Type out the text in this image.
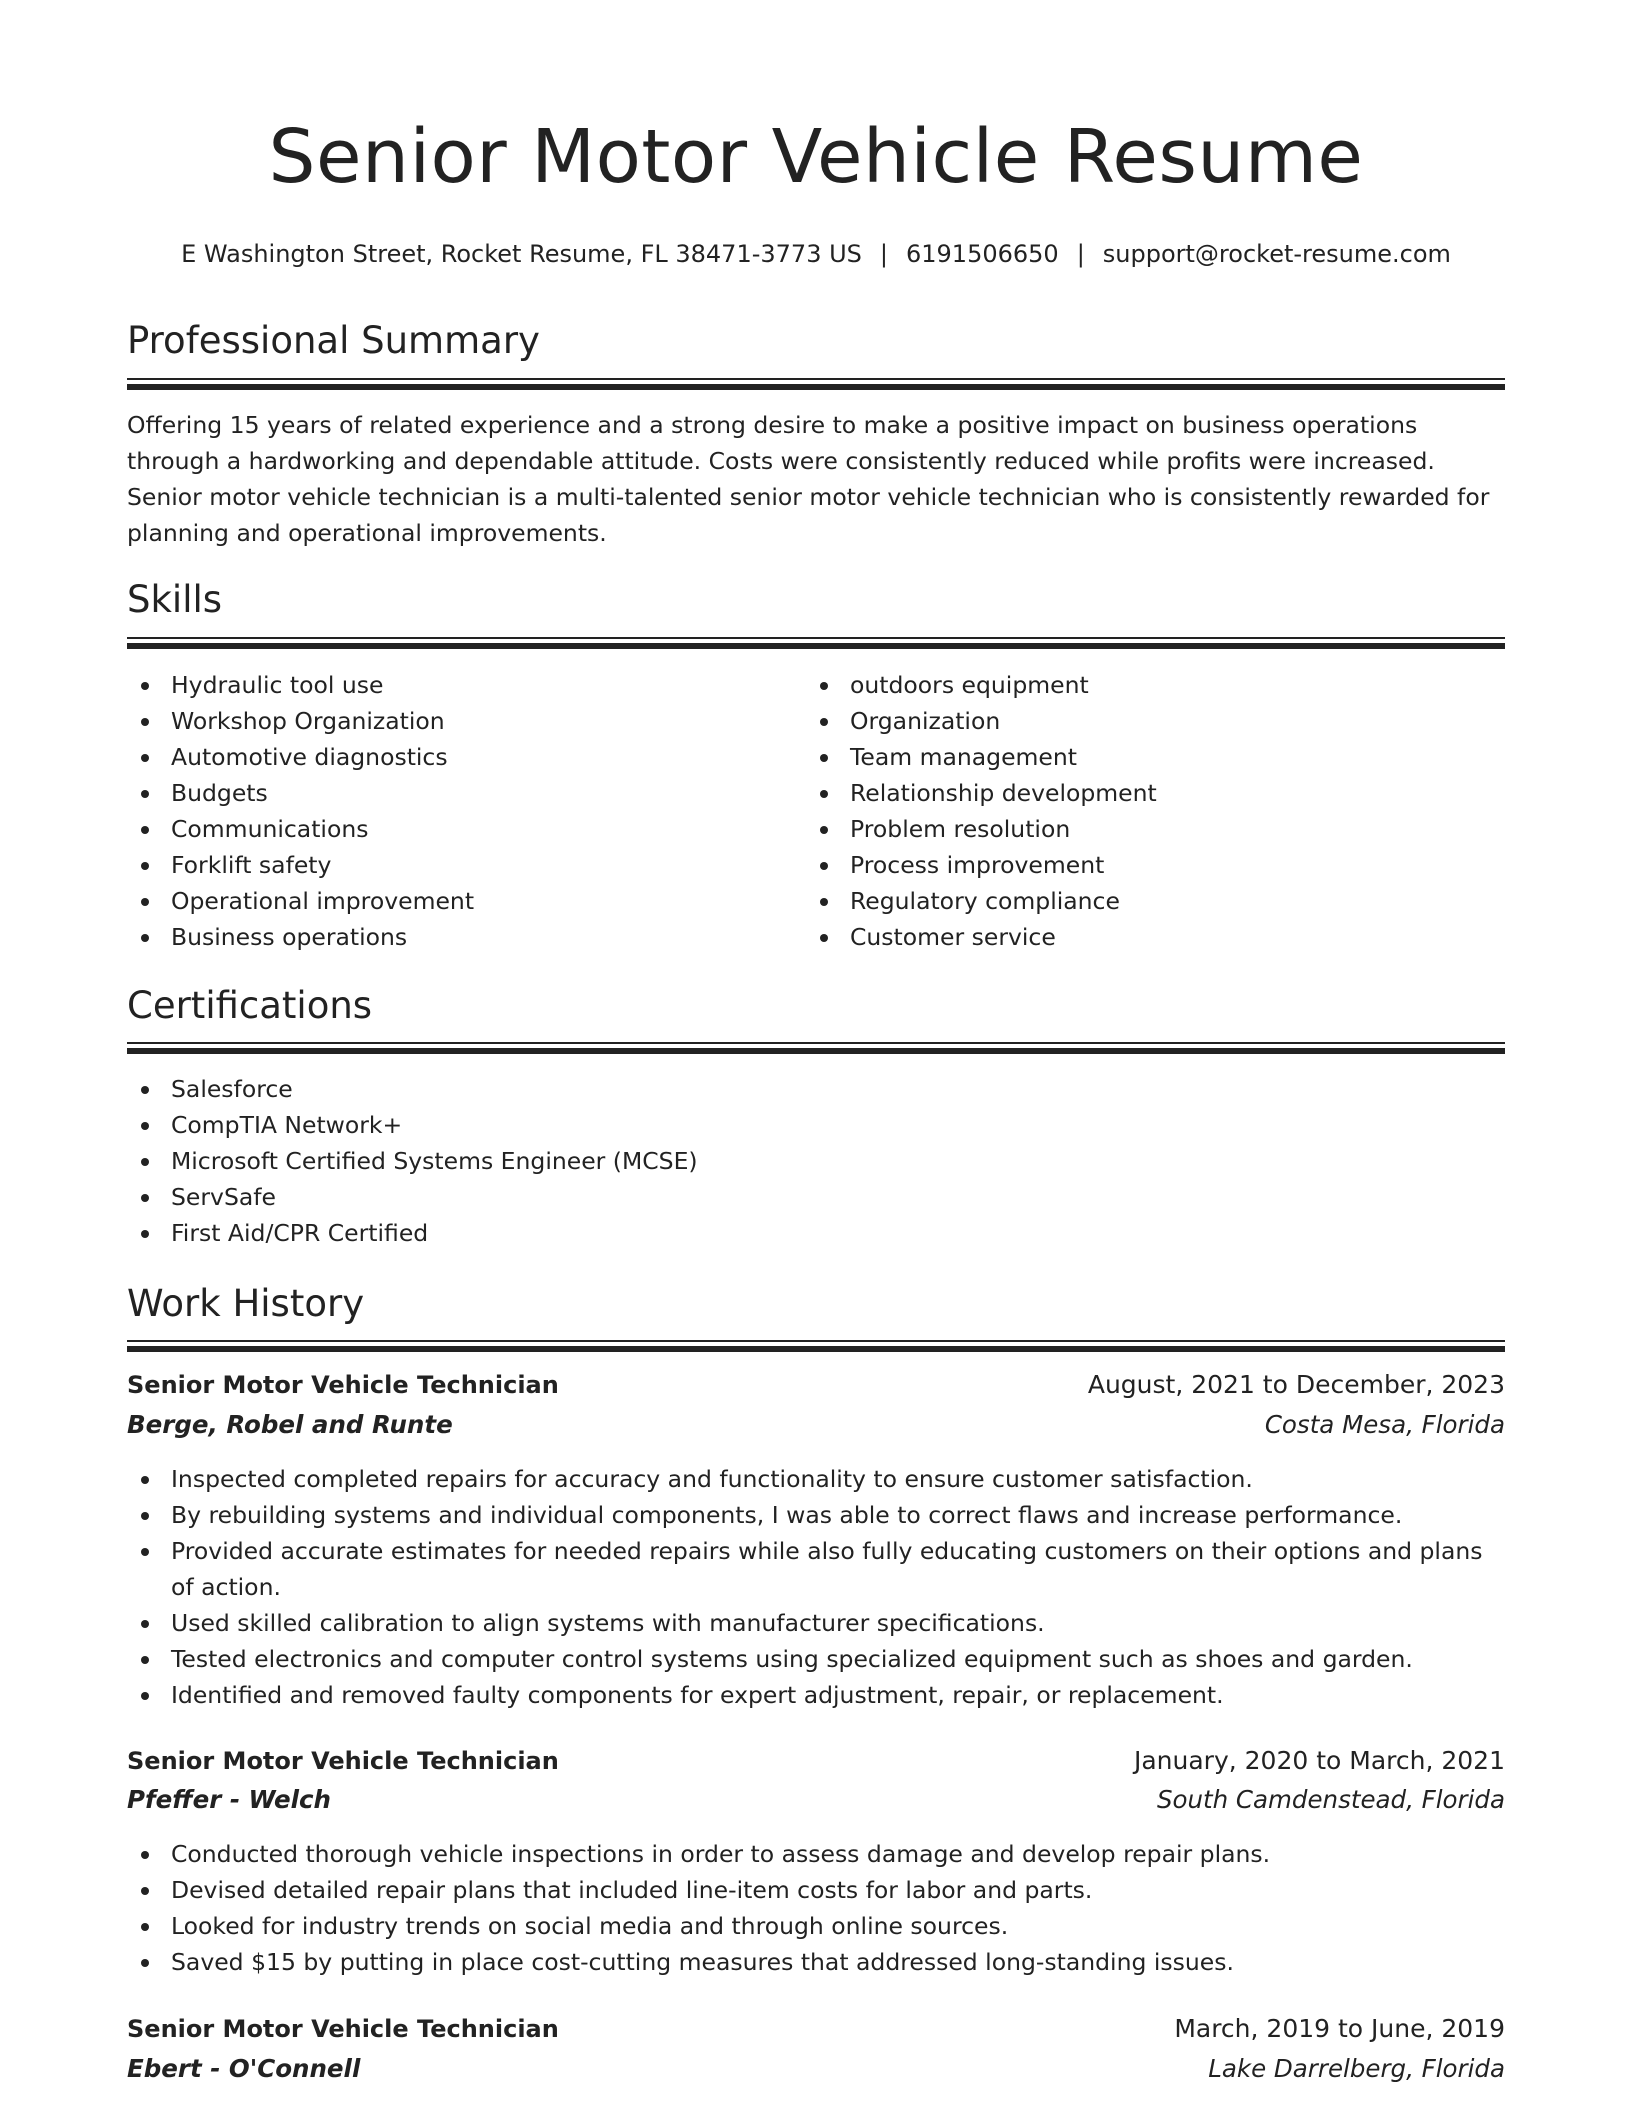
Senior Motor Vehicle Resume
E Washington Street, Rocket Resume, FL 38471-3773 US | 6191506650 | support@rocket-resume.com
Professional Summary

Offering 15 years of related experience and a strong desire to make a positive impact on business operations through a hardworking and dependable attitude. Costs were consistently reduced while profits were increased. Senior motor vehicle technician is a multi-talented senior motor vehicle technician who is consistently rewarded for planning and operational improvements.

Skills
Hydraulic tool use
Workshop Organization
Automotive diagnostics
Budgets
Communications
Forklift safety
Operational improvement
Business operations
outdoors equipment
Organization
Team management
Relationship development
Problem resolution
Process improvement
Regulatory compliance
Customer service
Certifications
Salesforce
CompTIA Network+
Microsoft Certified Systems Engineer (MCSE)
ServSafe
First Aid/CPR Certified
Work History
Senior Motor Vehicle Technician	August, 2021 to December, 2023
Berge, Robel and Runte	Costa Mesa, Florida
Inspected completed repairs for accuracy and functionality to ensure customer satisfaction.
By rebuilding systems and individual components, I was able to correct flaws and increase performance.
Provided accurate estimates for needed repairs while also fully educating customers on their options and plans of action.
Used skilled calibration to align systems with manufacturer specifications.
Tested electronics and computer control systems using specialized equipment such as shoes and garden.
Identified and removed faulty components for expert adjustment, repair, or replacement.
Senior Motor Vehicle Technician	January, 2020 to March, 2021
Pfeffer - Welch	South Camdenstead, Florida
Conducted thorough vehicle inspections in order to assess damage and develop repair plans.
Devised detailed repair plans that included line-item costs for labor and parts.
Looked for industry trends on social media and through online sources.
Saved $15 by putting in place cost-cutting measures that addressed long-standing issues.
Senior Motor Vehicle Technician	March, 2019 to June, 2019
Ebert - O'Connell	Lake Darrelberg, Florida
